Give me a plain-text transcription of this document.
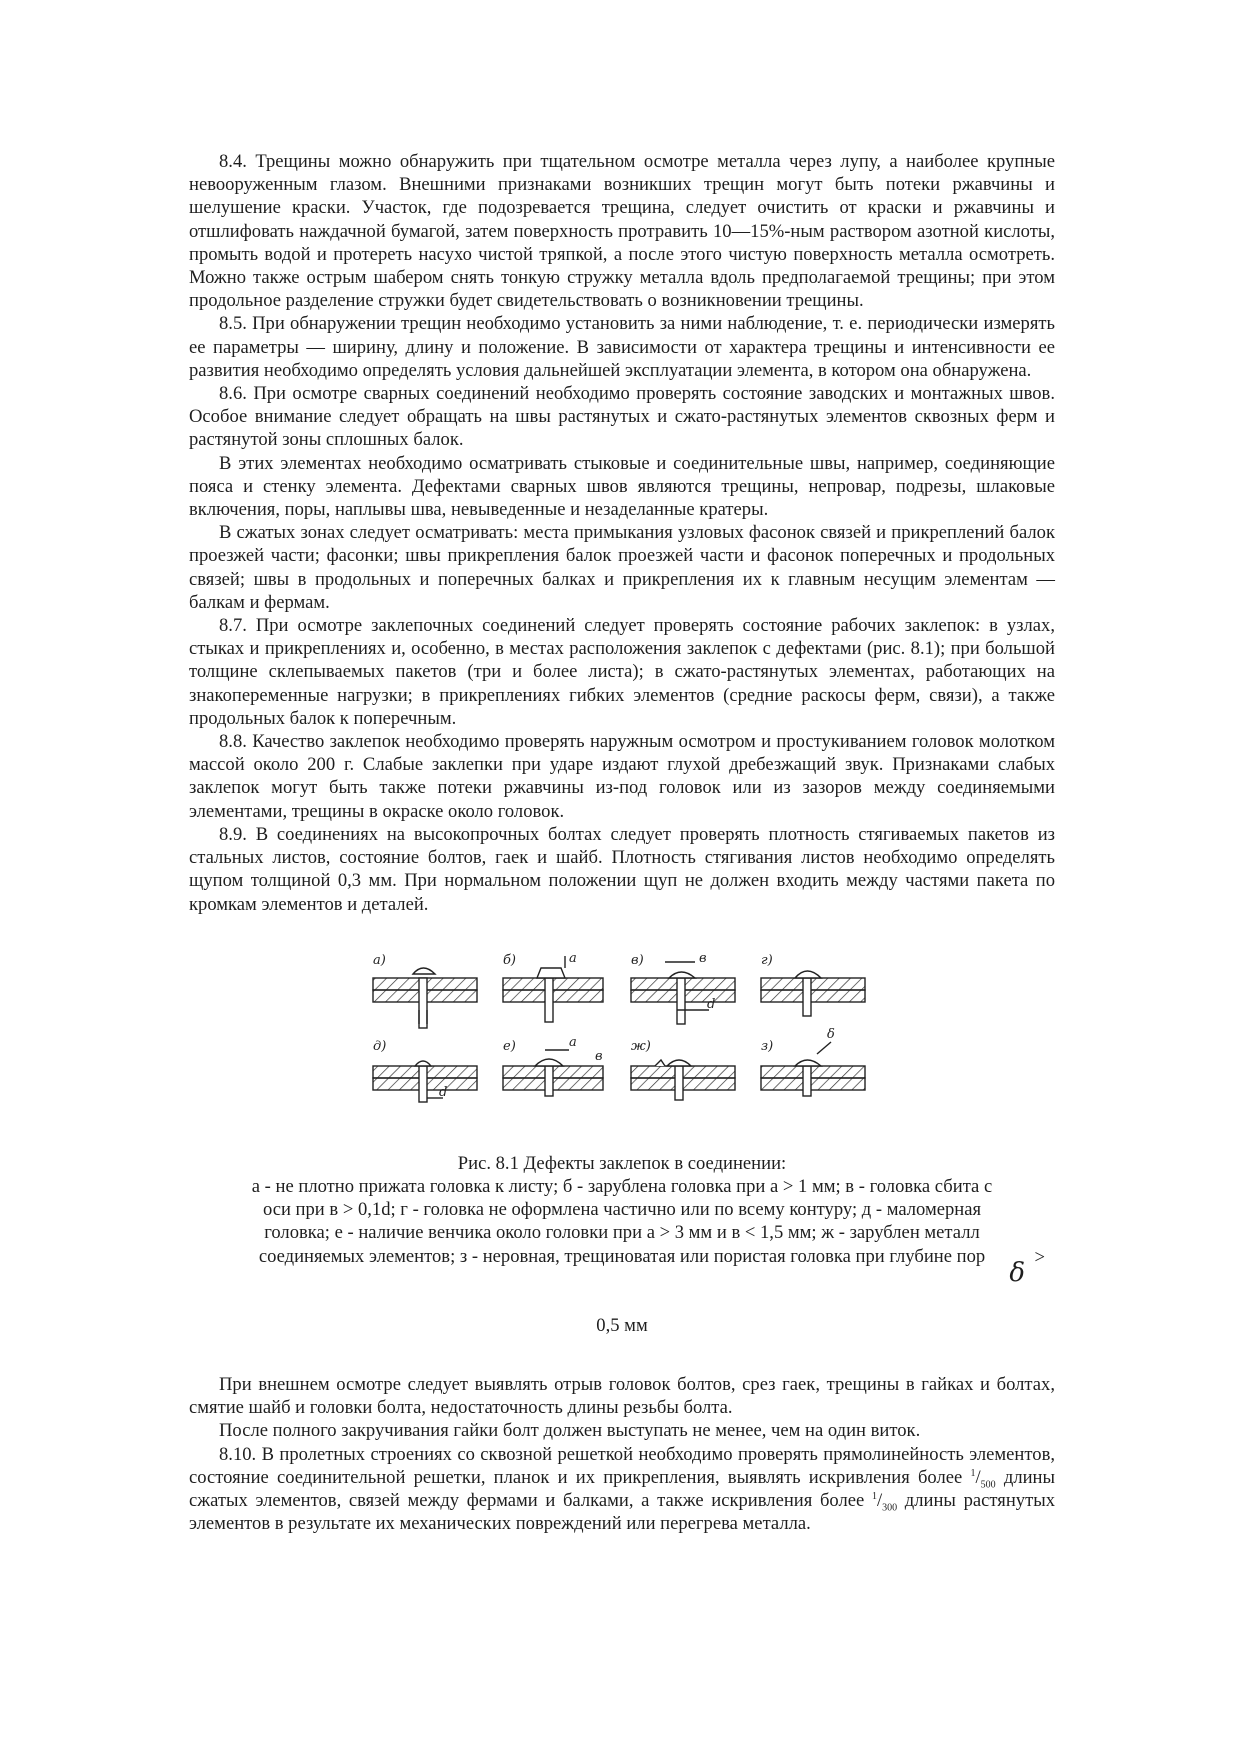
8.4. Трещины можно обнаружить при тщательном осмотре металла через лупу, а наиболее крупные невооруженным глазом. Внешними признаками возникших трещин могут быть потеки ржавчины и шелушение краски. Участок, где подозревается трещина, следует очистить от краски и ржавчины и отшлифовать наждачной бумагой, затем поверхность протравить 10—15%-ным раствором азотной кислоты, промыть водой и протереть насухо чистой тряпкой, а после этого чистую поверхность металла осмотреть. Можно также острым шабером снять тонкую стружку металла вдоль предполагаемой трещины; при этом продольное разделение стружки будет свидетельствовать о возникновении трещины.

8.5. При обнаружении трещин необходимо установить за ними наблюдение, т. е. периодически измерять ее параметры — ширину, длину и положение. В зависимости от характера трещины и интенсивности ее развития необходимо определять условия дальнейшей эксплуатации элемента, в котором она обнаружена.

8.6. При осмотре сварных соединений необходимо проверять состояние заводских и монтажных швов. Особое внимание следует обращать на швы растянутых и сжато-растянутых элементов сквозных ферм и растянутой зоны сплошных балок.

В этих элементах необходимо осматривать стыковые и соединительные швы, например, соединяющие пояса и стенку элемента. Дефектами сварных швов являются трещины, непровар, подрезы, шлаковые включения, поры, наплывы шва, невыведенные и незаделанные кратеры.

В сжатых зонах следует осматривать: места примыкания узловых фасонок связей и прикреплений балок проезжей части; фасонки; швы прикрепления балок проезжей части и фасонок поперечных и продольных связей; швы в продольных и поперечных балках и прикрепления их к главным несущим элементам — балкам и фермам.

8.7. При осмотре заклепочных соединений следует проверять состояние рабочих заклепок: в узлах, стыках и прикреплениях и, особенно, в местах расположения заклепок с дефектами (рис. 8.1); при большой толщине склепываемых пакетов (три и более листа); в сжато-растянутых элементах, работающих на знакопеременные нагрузки; в прикреплениях гибких элементов (средние раскосы ферм, связи), а также продольных балок к поперечным.

8.8. Качество заклепок необходимо проверять наружным осмотром и простукиванием головок молотком массой около 200 г. Слабые заклепки при ударе издают глухой дребезжащий звук. Признаками слабых заклепок могут быть также потеки ржавчины из-под головок или из зазоров между соединяемыми элементами, трещины в окраске около головок.

8.9. В соединениях на высокопрочных болтах следует проверять плотность стягиваемых пакетов из стальных листов, состояние болтов, гаек и шайб. Плотность стягивания листов необходимо определять щупом толщиной 0,3 мм. При нормальном положении щуп не должен входить между частями пакета по кромкам элементов и деталей.

а)	б)	а	в)	в
d
г)
д)
d
е)	а
в
ж)	з)
δ
Рис. 8.1 Дефекты заклепок в соединении:
а - не плотно прижата головка к листу; б - зарублена головка при а > 1 мм; в - головка сбита с
оси при в > 0,1d; г - головка не оформлена частично или по всему контуру; д - маломерная
головка; е - наличие венчика около головки при а > 3 мм и в < 1,5 мм; ж - зарублен металл
соединяемых элементов; з - неровная, трещиноватая или пористая головка при глубине пор	>
δ
0,5 мм

При внешнем осмотре следует выявлять отрыв головок болтов, срез гаек, трещины в гайках и болтах, смятие шайб и головки болта, недостаточность длины резьбы болта.

После полного закручивания гайки болт должен выступать не менее, чем на один виток.

8.10. В пролетных строениях со сквозной решеткой необходимо проверять прямолинейность элементов, состояние соединительной решетки, планок и их прикрепления, выявлять искривления более $^1/_{500}$ длины сжатых элементов, связей между фермами и балками, а также искривления более $^1/_{300}$ длины растянутых элементов в результате их механических повреждений или перегрева металла.
